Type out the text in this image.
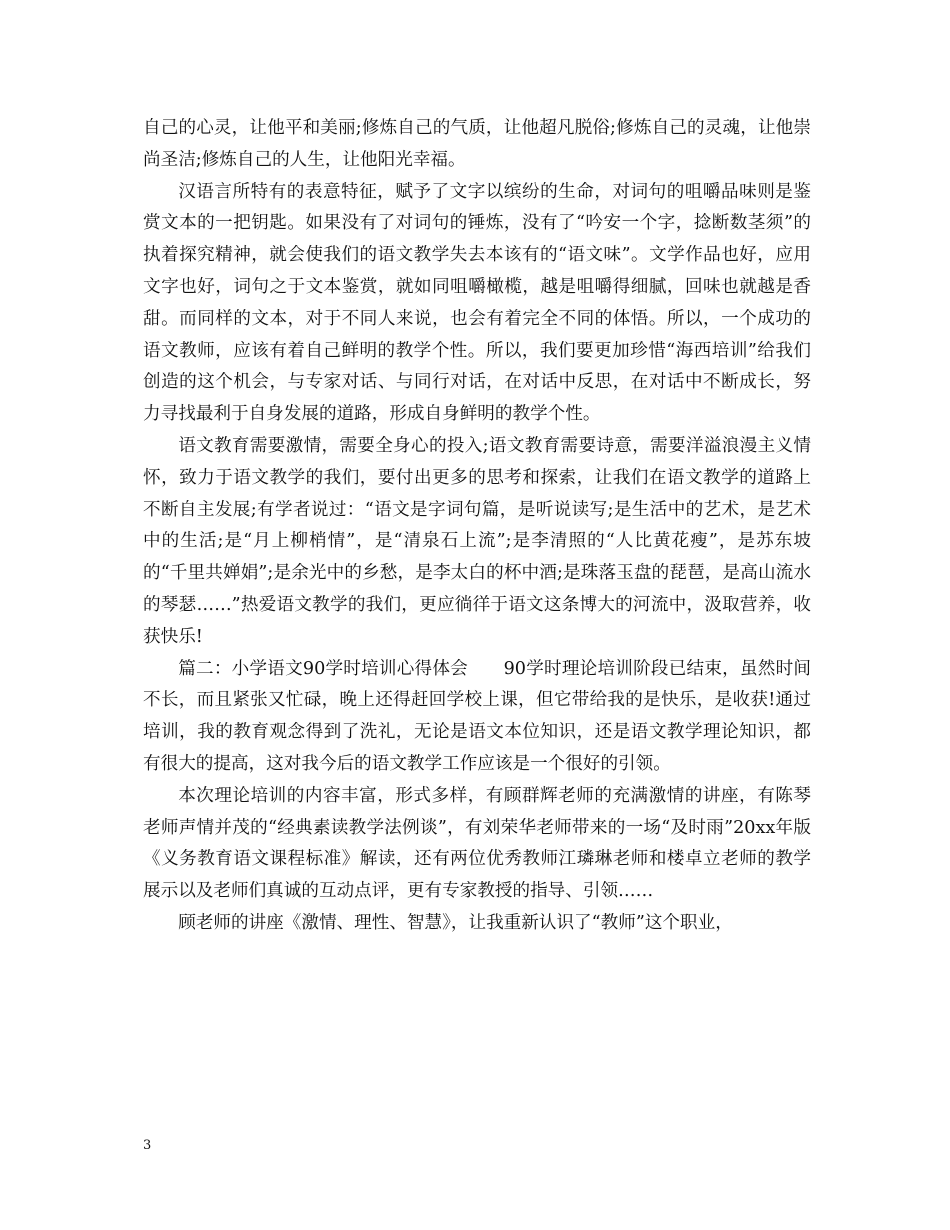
自己的心灵，让他平和美丽;修炼自己的气质，让他超凡脱俗;修炼自己的灵魂，让他崇尚圣洁;修炼自己的人生，让他阳光幸福。

汉语言所特有的表意特征，赋予了文字以缤纷的生命，对词句的咀嚼品味则是鉴赏文本的一把钥匙。如果没有了对词句的锤炼，没有了“吟安一个字，捻断数茎须”的执着探究精神，就会使我们的语文教学失去本该有的“语文味”。文学作品也好，应用文字也好，词句之于文本鉴赏，就如同咀嚼橄榄，越是咀嚼得细腻，回味也就越是香甜。而同样的文本，对于不同人来说，也会有着完全不同的体悟。所以，一个成功的语文教师，应该有着自己鲜明的教学个性。所以，我们要更加珍惜“海西培训”给我们创造的这个机会，与专家对话、与同行对话，在对话中反思，在对话中不断成长，努力寻找最利于自身发展的道路，形成自身鲜明的教学个性。

语文教育需要激情，需要全身心的投入;语文教育需要诗意，需要洋溢浪漫主义情怀，致力于语文教学的我们，要付出更多的思考和探索，让我们在语文教学的道路上不断自主发展;有学者说过：“语文是字词句篇，是听说读写;是生活中的艺术，是艺术中的生活;是“月上柳梢情”，是“清泉石上流”;是李清照的“人比黄花瘦”，是苏东坡的“千里共婵娟”;是余光中的乡愁，是李太白的杯中酒;是珠落玉盘的琵琶，是高山流水的琴瑟……”热爱语文教学的我们，更应徜徉于语文这条博大的河流中，汲取营养，收获快乐!

篇二：小学语文90学时培训心得体会　　90学时理论培训阶段已结束，虽然时间不长，而且紧张又忙碌，晚上还得赶回学校上课，但它带给我的是快乐，是收获!通过培训，我的教育观念得到了洗礼，无论是语文本位知识，还是语文教学理论知识，都有很大的提高，这对我今后的语文教学工作应该是一个很好的引领。

本次理论培训的内容丰富，形式多样，有顾群辉老师的充满激情的讲座，有陈琴老师声情并茂的“经典素读教学法例谈”，有刘荣华老师带来的一场“及时雨”20xx年版《义务教育语文课程标准》解读，还有两位优秀教师江璘琳老师和楼卓立老师的教学展示以及老师们真诚的互动点评，更有专家教授的指导、引领……

顾老师的讲座《激情、理性、智慧》，让我重新认识了“教师”这个职业，

3
